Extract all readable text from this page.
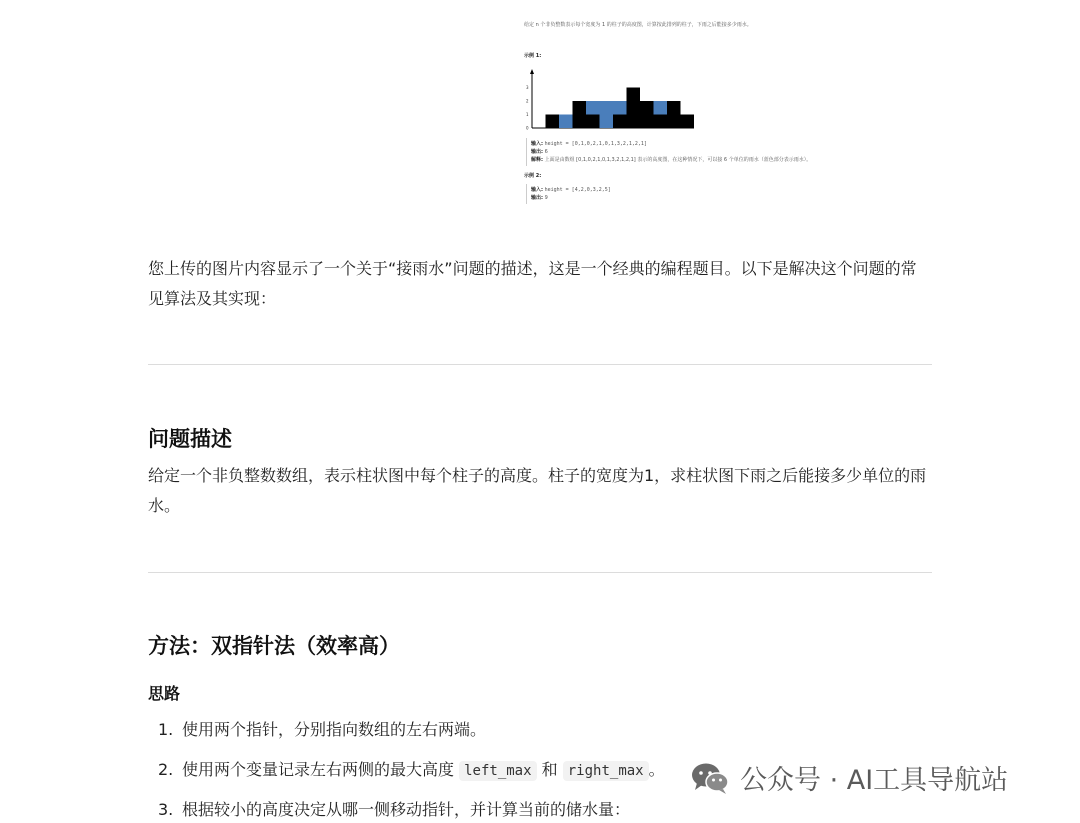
给定 n 个非负整数表示每个宽度为 1 的柱子的高度图，计算按此排列的柱子，下雨之后能接多少雨水。
示例 1:
0
1
2
3
输入: height = [0,1,0,2,1,0,1,3,2,1,2,1]
输出: 6
解释: 上面是由数组 [0,1,0,2,1,0,1,3,2,1,2,1] 表示的高度图，在这种情况下，可以接 6 个单位的雨水（蓝色部分表示雨水）。
示例 2:
输入: height = [4,2,0,3,2,5]
输出: 9
您上传的图片内容显示了一个关于“接雨水”问题的描述，这是一个经典的编程题目。以下是解决这个问题的常见算法及其实现：
问题描述
给定一个非负整数数组，表示柱状图中每个柱子的高度。柱子的宽度为1，求柱状图下雨之后能接多少单位的雨水。
方法：双指针法（效率高）
思路
1. 使用两个指针，分别指向数组的左右两端。
2. 使用两个变量记录左右两侧的最大高度 left_max 和 right_max 。
3. 根据较小的高度决定从哪一侧移动指针，并计算当前的储水量：
公众号 · AI工具导航站
